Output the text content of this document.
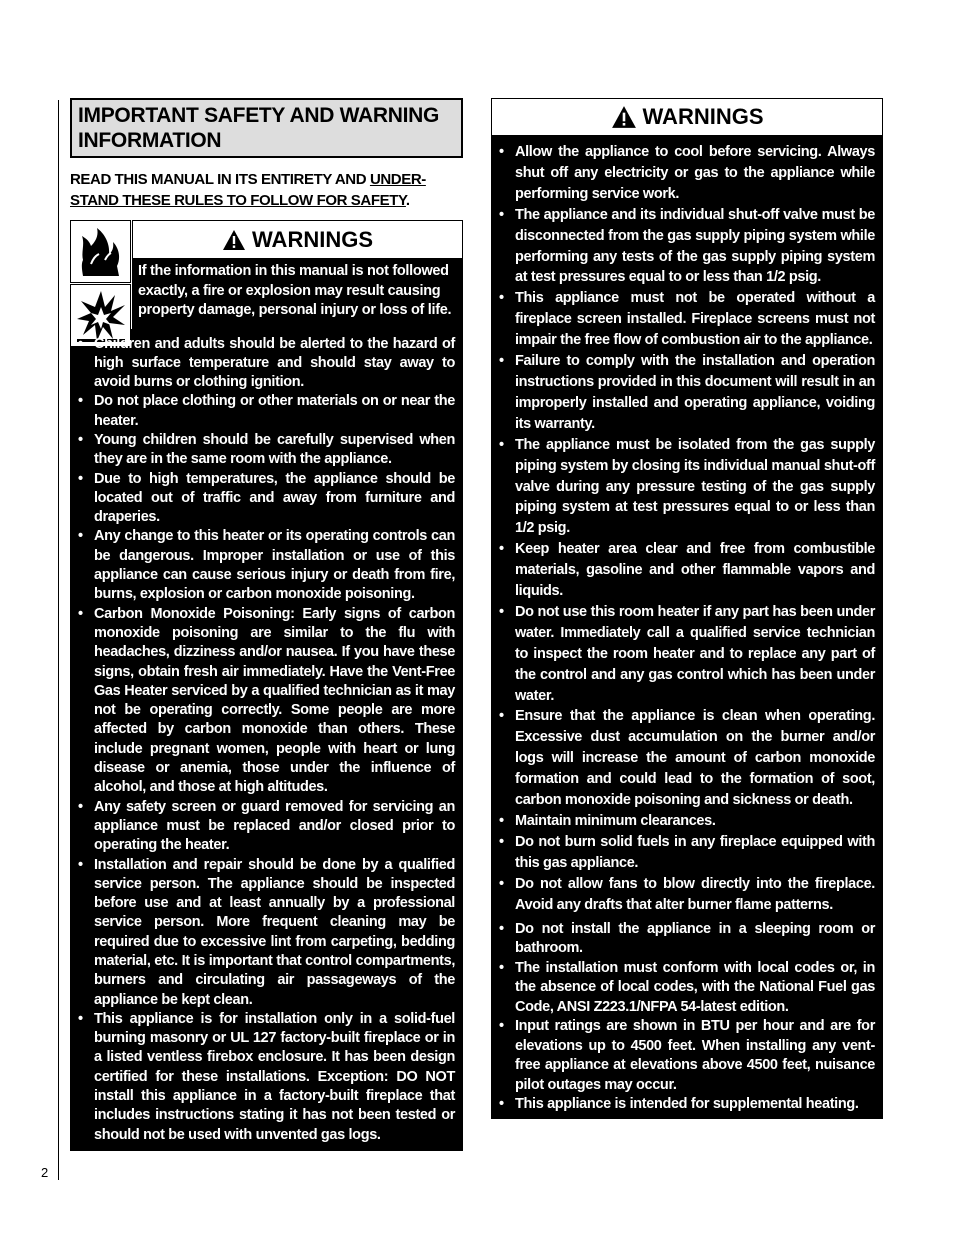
2
IMPORTANT SAFETY AND WARNING
INFORMATION
READ THIS MANUAL IN ITS ENTIRETY AND UNDER-
STAND THESE RULES TO FOLLOW FOR SAFETY.
WARNINGS
If the information in this manual is not followed exactly, a fire or explosion may result causing property damage, personal injury or loss of life.
• Children and adults should be alerted to the hazard of high surface temperature and should stay away to avoid burns or clothing ignition.
• Do not place clothing or other materials on or near the heater.
• Young children should be carefully supervised when they are in the same room with the appliance.
• Due to high temperatures, the appliance should be located out of traffic and away from furniture and draperies.
• Any change to this heater or its operating controls can be dangerous. Improper installation or use of this appliance can cause serious injury or death from fire, burns, explosion or carbon monoxide poisoning.
• Carbon Monoxide Poisoning: Early signs of carbon monoxide poisoning are similar to the flu with headaches, dizziness and/or nausea. If you have these signs, obtain fresh air immediately. Have the Vent-Free Gas Heater serviced by a qualified technician as it may not be operating correctly. Some people are more affected by carbon monoxide than others. These include pregnant women, people with heart or lung disease or anemia, those under the influence of alcohol, and those at high altitudes.
• Any safety screen or guard removed for servicing an appliance must be replaced and/or closed prior to operating the heater.
• Installation and repair should be done by a qualified service person. The appliance should be inspected before use and at least annually by a professional service person. More frequent cleaning may be required due to excessive lint from carpeting, bedding material, etc. It is important that control compartments, burners and circulating air passageways of the appliance be kept clean.
• This appliance is for installation only in a solid-fuel burning masonry or UL 127 factory-built fireplace or in a listed ventless firebox enclosure. It has been design certified for these installations. Exception: DO NOT install this appliance in a factory-built fireplace that includes instructions stating it has not been tested or should not be used with unvented gas logs.
WARNINGS
• Allow the appliance to cool before servicing. Always shut off any electricity or gas to the appliance while performing service work.
• The appliance and its individual shut-off valve must be disconnected from the gas supply piping system while performing any tests of the gas supply piping system at test pressures equal to or less than 1/2 psig.
• This appliance must not be operated without a fireplace screen installed. Fireplace screens must not impair the free flow of combustion air to the appliance.
• Failure to comply with the installation and operation instructions provided in this document will result in an improperly installed and operating appliance, voiding its warranty.
• The appliance must be isolated from the gas supply piping system by closing its individual manual shut-off valve during any pressure testing of the gas supply piping system at test pressures equal to or less than 1/2 psig.
• Keep heater area clear and free from combustible materials, gasoline and other flammable vapors and liquids.
• Do not use this room heater if any part has been under water. Immediately call a qualified service technician to inspect the room heater and to replace any part of the control and any gas control which has been under water.
• Ensure that the appliance is clean when operating. Excessive dust accumulation on the burner and/or logs will increase the amount of carbon monoxide formation and could lead to the formation of soot, carbon monoxide poisoning and sickness or death.
• Maintain minimum clearances.
• Do not burn solid fuels in any fireplace equipped with this gas appliance.
• Do not allow fans to blow directly into the fireplace. Avoid any drafts that alter burner flame patterns.
• Do not install the appliance in a sleeping room or bathroom.
• The installation must conform with local codes or, in the absence of local codes, with the National Fuel gas Code, ANSI Z223.1/NFPA 54-latest edition.
• Input ratings are shown in BTU per hour and are for elevations up to 4500 feet. When installing any vent-free appliance at elevations above 4500 feet, nuisance pilot outages may occur.
• This appliance is intended for supplemental heating.
